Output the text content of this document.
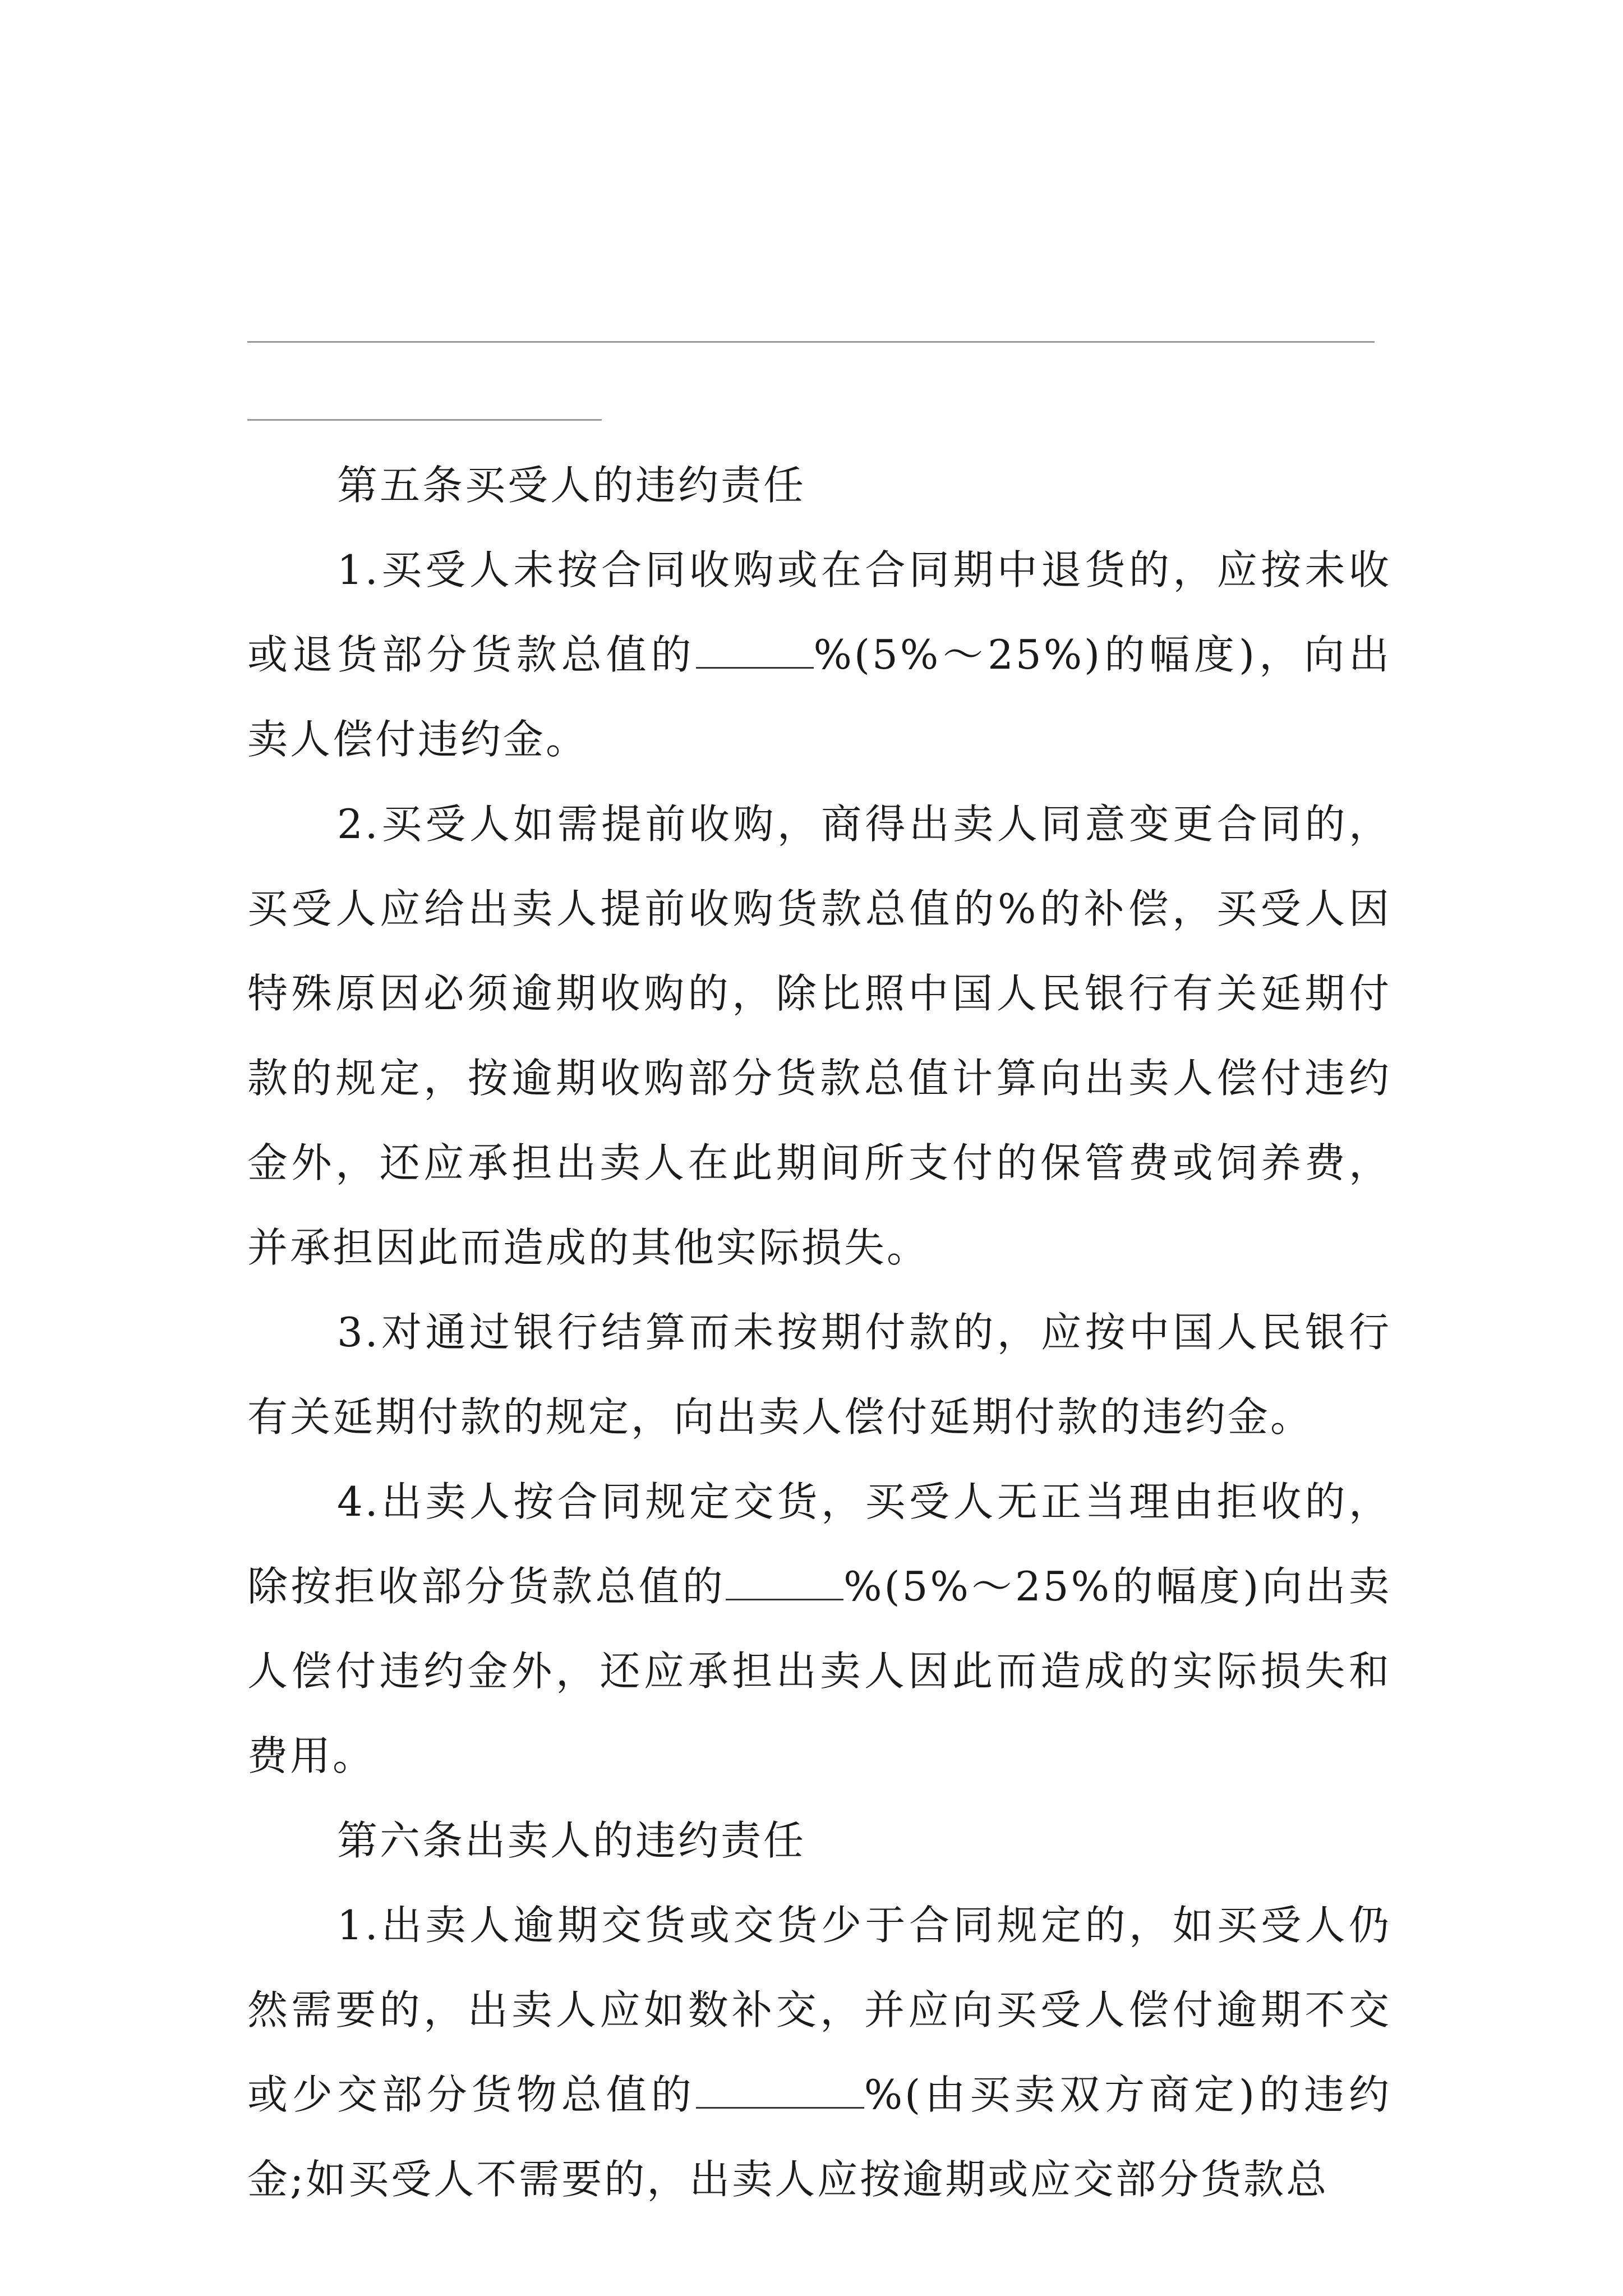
第五条买受人的违约责任

1.买受人未按合同收购或在合同期中退货的，应按未收或退货部分货款总值的	%(5%～25%)的幅度)，向出卖人偿付违约金。

2.买受人如需提前收购，商得出卖人同意变更合同的，买受人应给出卖人提前收购货款总值的%的补偿，买受人因特殊原因必须逾期收购的，除比照中国人民银行有关延期付款的规定，按逾期收购部分货款总值计算向出卖人偿付违约金外，还应承担出卖人在此期间所支付的保管费或饲养费，并承担因此而造成的其他实际损失。

3.对通过银行结算而未按期付款的，应按中国人民银行有关延期付款的规定，向出卖人偿付延期付款的违约金。

4.出卖人按合同规定交货，买受人无正当理由拒收的，除按拒收部分货款总值的	%(5%～25%的幅度)向出卖人偿付违约金外，还应承担出卖人因此而造成的实际损失和费用。

第六条出卖人的违约责任

1.出卖人逾期交货或交货少于合同规定的，如买受人仍然需要的，出卖人应如数补交，并应向买受人偿付逾期不交或少交部分货物总值的	%(由买卖双方商定)的违约金;如买受人不需要的，出卖人应按逾期或应交部分货款总
